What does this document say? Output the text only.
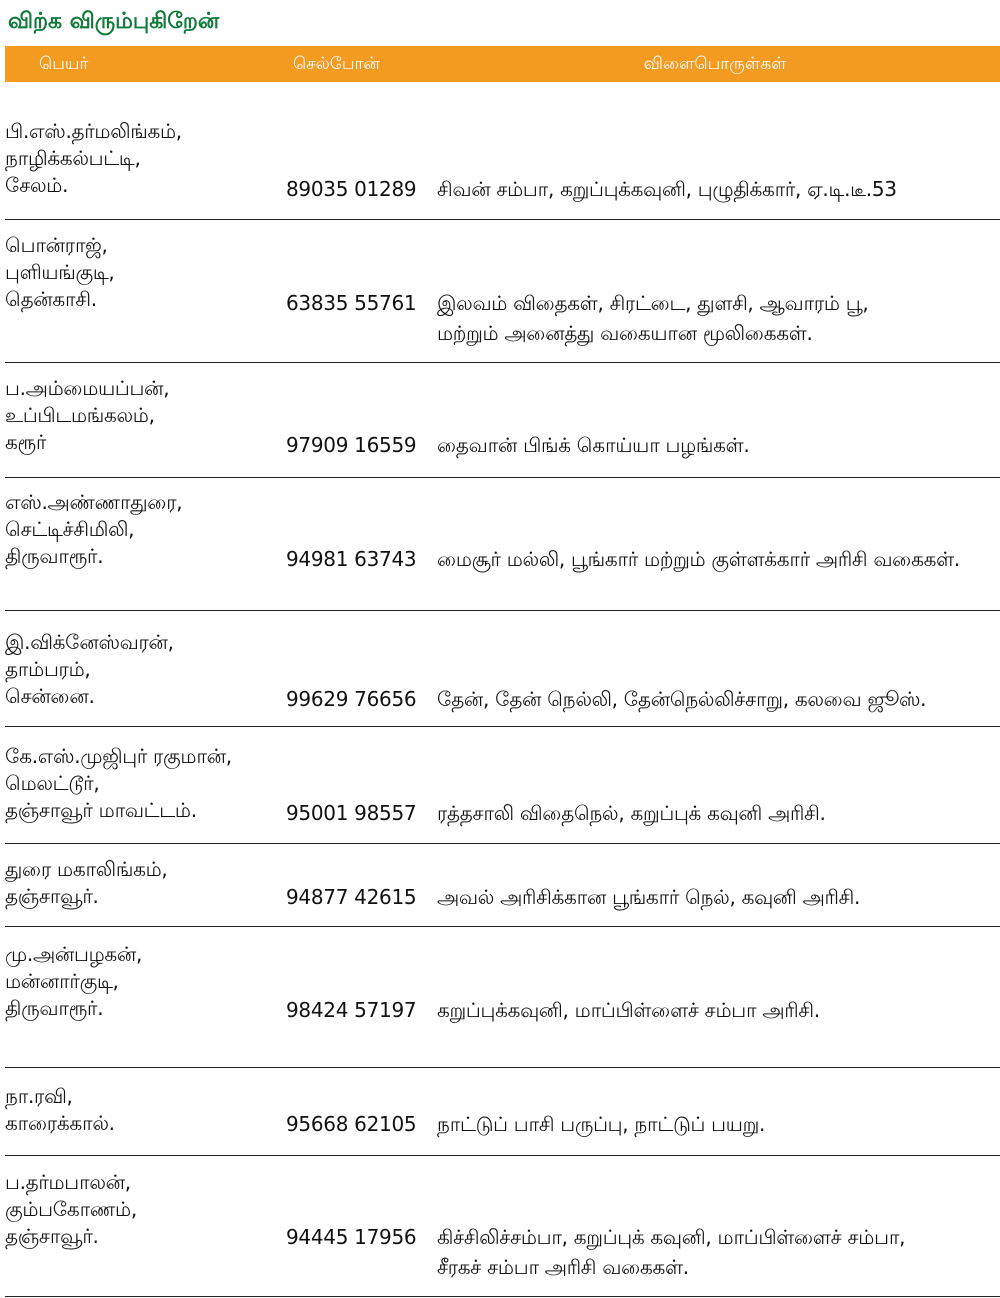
விற்க விரும்புகிறேன்
பெயர்	செல்போன்	விளைபொருள்கள்
பி.எஸ்.தர்மலிங்கம்,
நாழிக்கல்பட்டி,
சேலம்.	89035 01289 சிவன் சம்பா, கறுப்புக்கவுனி, புழுதிக்கார், ஏ.டி.டீ.53
பொன்ராஜ்,
புளியங்குடி,
தென்காசி.	63835 55761 இலவம் விதைகள், சிரட்டை, துளசி, ஆவாரம் பூ,
மற்றும் அனைத்து வகையான மூலிகைகள்.
ப.அம்மையப்பன்,
உப்பிடமங்கலம்,
கரூர்	97909 16559 தைவான் பிங்க் கொய்யா பழங்கள்.
எஸ்.அண்ணாதுரை,
செட்டிச்சிமிலி,
திருவாரூர்.	94981 63743 மைசூர் மல்லி, பூங்கார் மற்றும் குள்ளக்கார் அரிசி வகைகள்.
இ.விக்னேஸ்வரன்,
தாம்பரம்,
சென்னை.	99629 76656 தேன், தேன் நெல்லி, தேன்நெல்லிச்சாறு, கலவை ஜூஸ்.
கே.எஸ்.முஜிபுர் ரகுமான்,
மெலட்டூர்,
தஞ்சாவூர் மாவட்டம்.	95001 98557 ரத்தசாலி விதைநெல், கறுப்புக் கவுனி அரிசி.
துரை மகாலிங்கம்,
தஞ்சாவூர்.	94877 42615 அவல் அரிசிக்கான பூங்கார் நெல், கவுனி அரிசி.
மு.அன்பழகன்,
மன்னார்குடி,
திருவாரூர்.	98424 57197 கறுப்புக்கவுனி, மாப்பிள்ளைச் சம்பா அரிசி.
நா.ரவி,
காரைக்கால்.	95668 62105 நாட்டுப் பாசி பருப்பு, நாட்டுப் பயறு.
ப.தர்மபாலன்,
கும்பகோணம்,
தஞ்சாவூர்.	94445 17956 கிச்சிலிச்சம்பா, கறுப்புக் கவுனி, மாப்பிள்ளைச் சம்பா,
சீரகச் சம்பா அரிசி வகைகள்.
